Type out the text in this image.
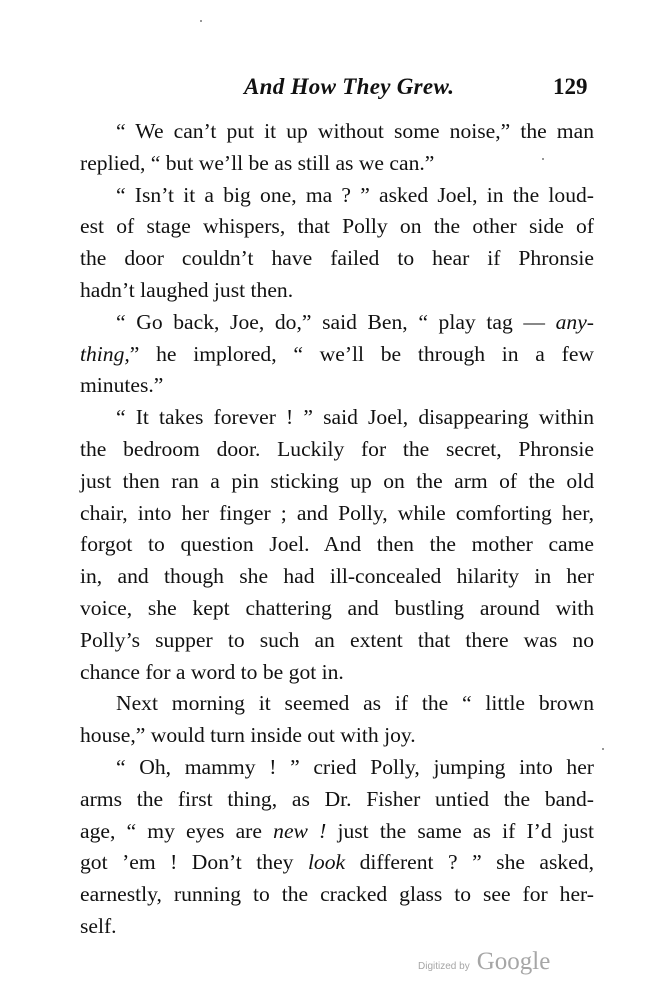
And How They Grew.	129

“ We can’t put it up without some noise,” the man
replied, “ but we’ll be as still as we can.”

“ Isn’t it a big one, ma ? ” asked Joel, in the loud-
est of stage whispers, that Polly on the other side of
the door couldn’t have failed to hear if Phronsie
hadn’t laughed just then.

“ Go back, Joe, do,” said Ben, “ play tag — any-
thing,” he implored, “ we’ll be through in a few
minutes.”

“ It takes forever ! ” said Joel, disappearing within
the bedroom door. Luckily for the secret, Phronsie
just then ran a pin sticking up on the arm of the old
chair, into her finger ; and Polly, while comforting her,
forgot to question Joel. And then the mother came
in, and though she had ill-concealed hilarity in her
voice, she kept chattering and bustling around with
Polly’s supper to such an extent that there was no
chance for a word to be got in.

Next morning it seemed as if the “ little brown
house,” would turn inside out with joy.

“ Oh, mammy ! ” cried Polly, jumping into her
arms the first thing, as Dr. Fisher untied the band-
age, “ my eyes are new ! just the same as if I’d just
got ’em ! Don’t they look different ? ” she asked,
earnestly, running to the cracked glass to see for her-
self.

Digitized by Google
